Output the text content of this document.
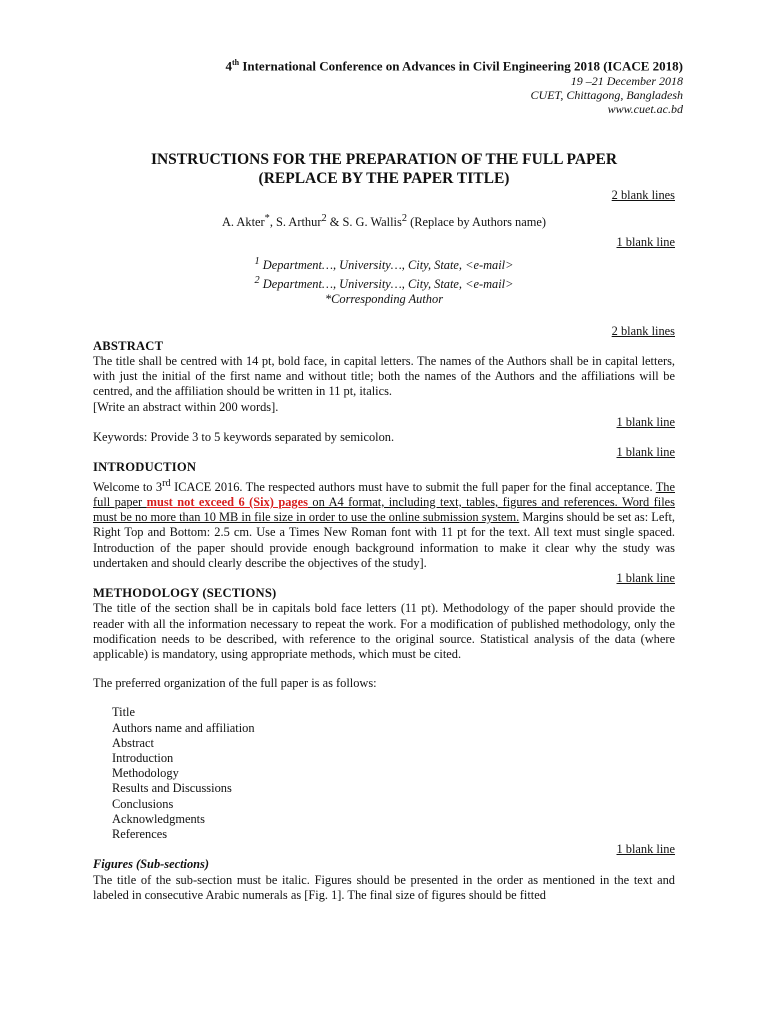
4th International Conference on Advances in Civil Engineering 2018 (ICACE 2018)
19 –21 December 2018
CUET, Chittagong, Bangladesh
www.cuet.ac.bd
INSTRUCTIONS FOR THE PREPARATION OF THE FULL PAPER
(REPLACE BY THE PAPER TITLE)
2 blank lines
A. Akter*, S. Arthur$^2$ & S. G. Wallis$^2$ (Replace by Authors name)
1 blank line
$^1$ Department…, University…, City, State, <e-mail>
$^2$ Department…, University…, City, State, <e-mail>
*Corresponding Author
2 blank lines
ABSTRACT
The title shall be centred with 14 pt, bold face, in capital letters. The names of the Authors shall be in capital letters, with just the initial of the first name and without title; both the names of the Authors and the affiliations will be centred, and the affiliation should be written in 11 pt, italics.
[Write an abstract within 200 words].
1 blank line
Keywords: Provide 3 to 5 keywords separated by semicolon.
1 blank line
INTRODUCTION
Welcome to 3rd ICACE 2016. The respected authors must have to submit the full paper for the final acceptance. The full paper must not exceed 6 (Six) pages on A4 format, including text, tables, figures and references. Word files must be no more than 10 MB in file size in order to use the online submission system. Margins should be set as: Left, Right Top and Bottom: 2.5 cm. Use a Times New Roman font with 11 pt for the text. All text must single spaced. Introduction of the paper should provide enough background information to make it clear why the study was undertaken and should clearly describe the objectives of the study].
1 blank line
METHODOLOGY (SECTIONS)
The title of the section shall be in capitals bold face letters (11 pt). Methodology of the paper should provide the reader with all the information necessary to repeat the work. For a modification of published methodology, only the modification needs to be described, with reference to the original source. Statistical analysis of the data (where applicable) is mandatory, using appropriate methods, which must be cited.
The preferred organization of the full paper is as follows:
Title
Authors name and affiliation
Abstract
Introduction
Methodology
Results and Discussions
Conclusions
Acknowledgments
References
1 blank line
Figures (Sub-sections)
The title of the sub-section must be italic. Figures should be presented in the order as mentioned in the text and labeled in consecutive Arabic numerals as [Fig. 1]. The final size of figures should be fitted
